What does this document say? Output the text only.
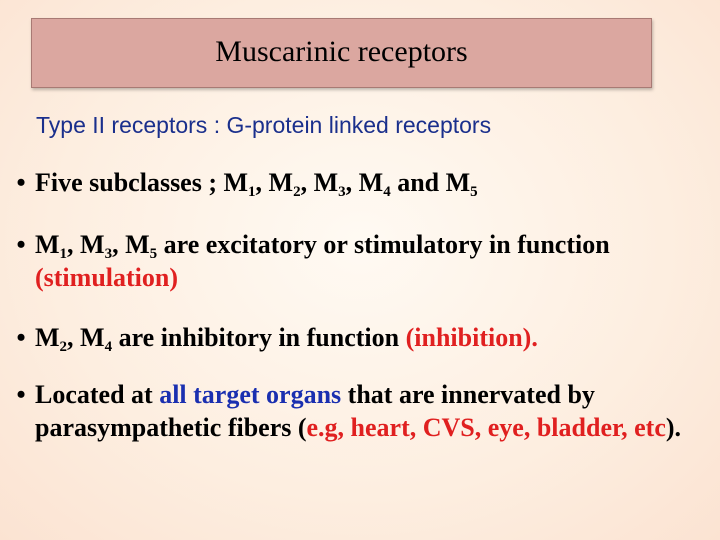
Muscarinic receptors
Type II receptors : G-protein linked receptors
• Five subclasses ; $M_1$, $M_2$, $M_3$, $M_4$ and $M_5$
• $M_1$, $M_3$, $M_5$ are excitatory or stimulatory in function (stimulation)
• $M_2$, $M_4$ are inhibitory in function (inhibition).
• Located at all target organs that are innervated by parasympathetic fibers (e.g, heart, CVS, eye, bladder, etc).
